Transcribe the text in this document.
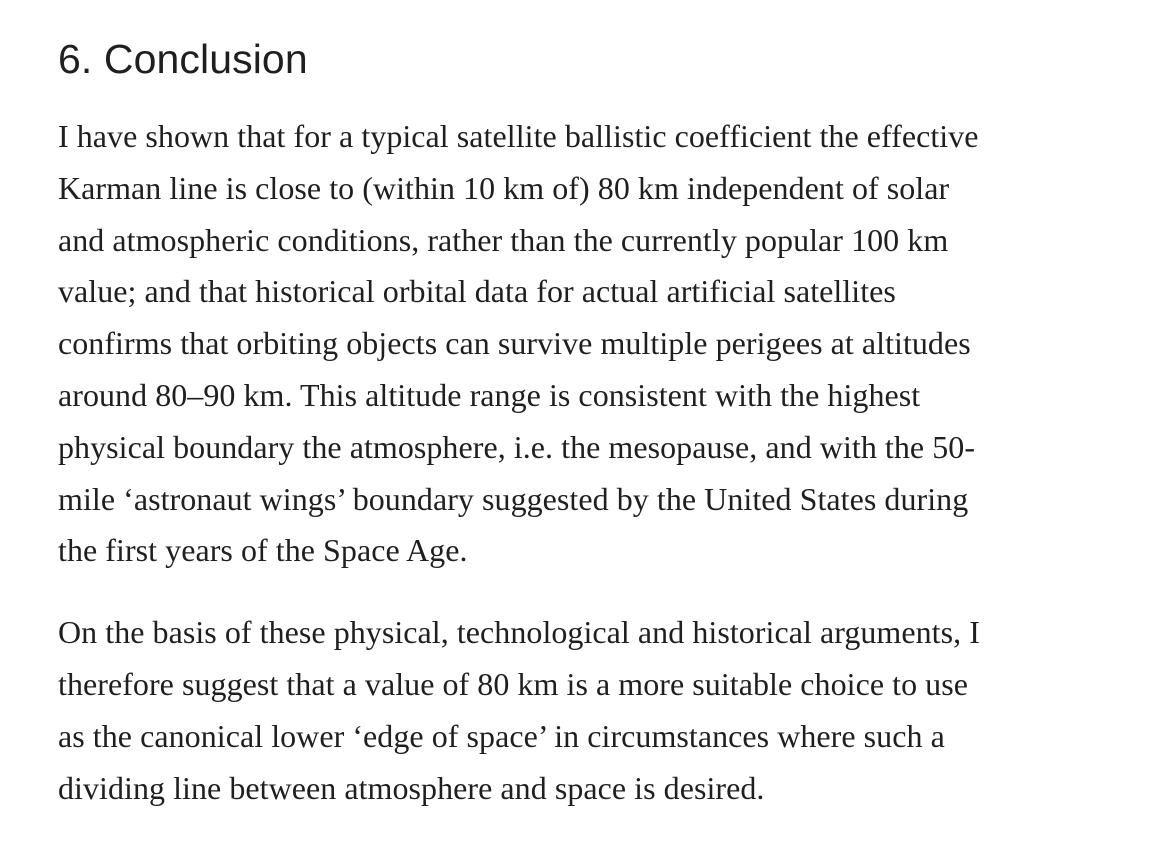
6. Conclusion

I have shown that for a typical satellite ballistic coefficient the effective
Karman line is close to (within 10 km of) 80 km independent of solar
and atmospheric conditions, rather than the currently popular 100 km
value; and that historical orbital data for actual artificial satellites
confirms that orbiting objects can survive multiple perigees at altitudes
around 80–90 km. This altitude range is consistent with the highest
physical boundary the atmosphere, i.e. the mesopause, and with the 50-
mile ‘astronaut wings’ boundary suggested by the United States during
the first years of the Space Age.

On the basis of these physical, technological and historical arguments, I
therefore suggest that a value of 80 km is a more suitable choice to use
as the canonical lower ‘edge of space’ in circumstances where such a
dividing line between atmosphere and space is desired.
